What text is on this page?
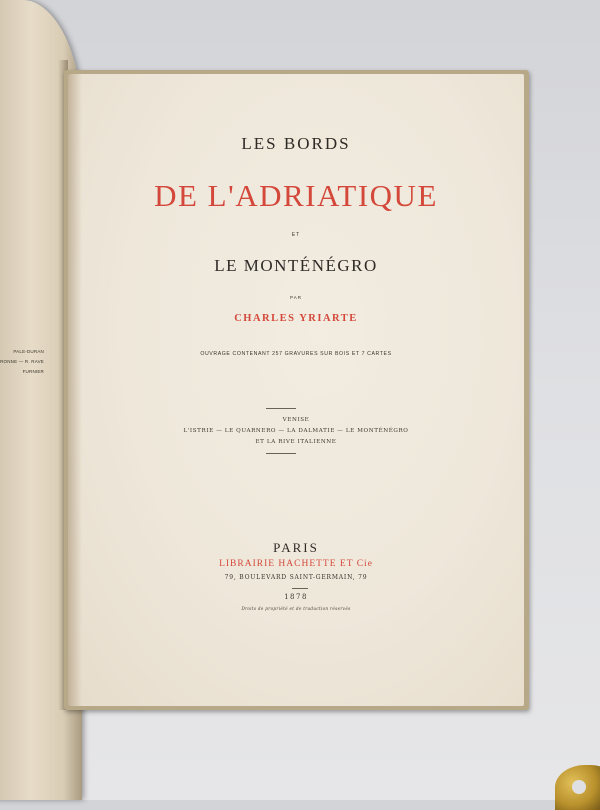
PALE-DURAN
RONNE — R. RAVE
FURNIER

LES BORDS

DE L'ADRIATIQUE

ET

LE MONTÉNÉGRO

PAR

CHARLES YRIARTE

OUVRAGE CONTENANT 257 GRAVURES SUR BOIS ET 7 CARTES

VENISE

L'ISTRIE — LE QUARNERO — LA DALMATIE — LE MONTÉNÉGRO

ET LA RIVE ITALIENNE

PARIS

LIBRAIRIE HACHETTE ET Cie

79, BOULEVARD SAINT-GERMAIN, 79

1878

Droits de propriété et de traduction réservés
